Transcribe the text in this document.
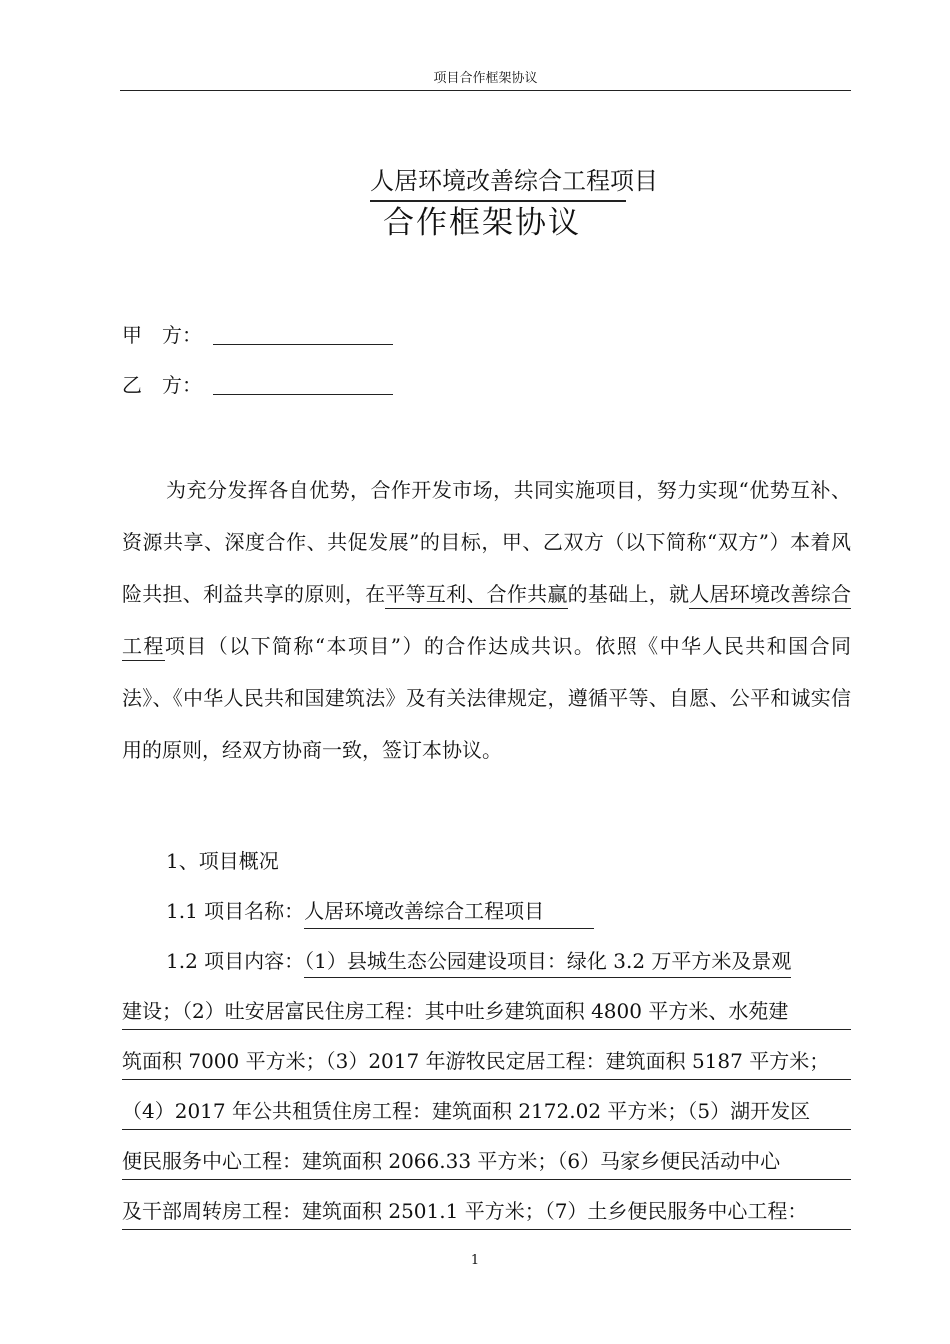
项目合作框架协议
人居环境改善综合工程项目
合作框架协议
甲　方：
乙　方：

为充分发挥各自优势，合作开发市场，共同实施项目，努力实现“优势互补、资源共享、深度合作、共促发展”的目标，甲、乙双方（以下简称“双方”）本着风险共担、利益共享的原则，在平等互利、合作共赢的基础上，就人居环境改善综合工程项目（以下简称“本项目”）的合作达成共识。依照《中华人民共和国合同法》、《中华人民共和国建筑法》及有关法律规定，遵循平等、自愿、公平和诚实信用的原则，经双方协商一致，签订本协议。

1、项目概况
1.1 项目名称：人居环境改善综合工程项目
1.2 项目内容：（1）县城生态公园建设项目：绿化 3.2 万平方米及景观
建设；（2）吐安居富民住房工程：其中吐乡建筑面积 4800 平方米、水苑建
筑面积 7000 平方米；（3）2017 年游牧民定居工程：建筑面积 5187 平方米；
（4）2017 年公共租赁住房工程：建筑面积 2172.02 平方米；（5）湖开发区
便民服务中心工程：建筑面积 2066.33 平方米；（6）马家乡便民活动中心
及干部周转房工程：建筑面积 2501.1 平方米；（7）土乡便民服务中心工程：
1
